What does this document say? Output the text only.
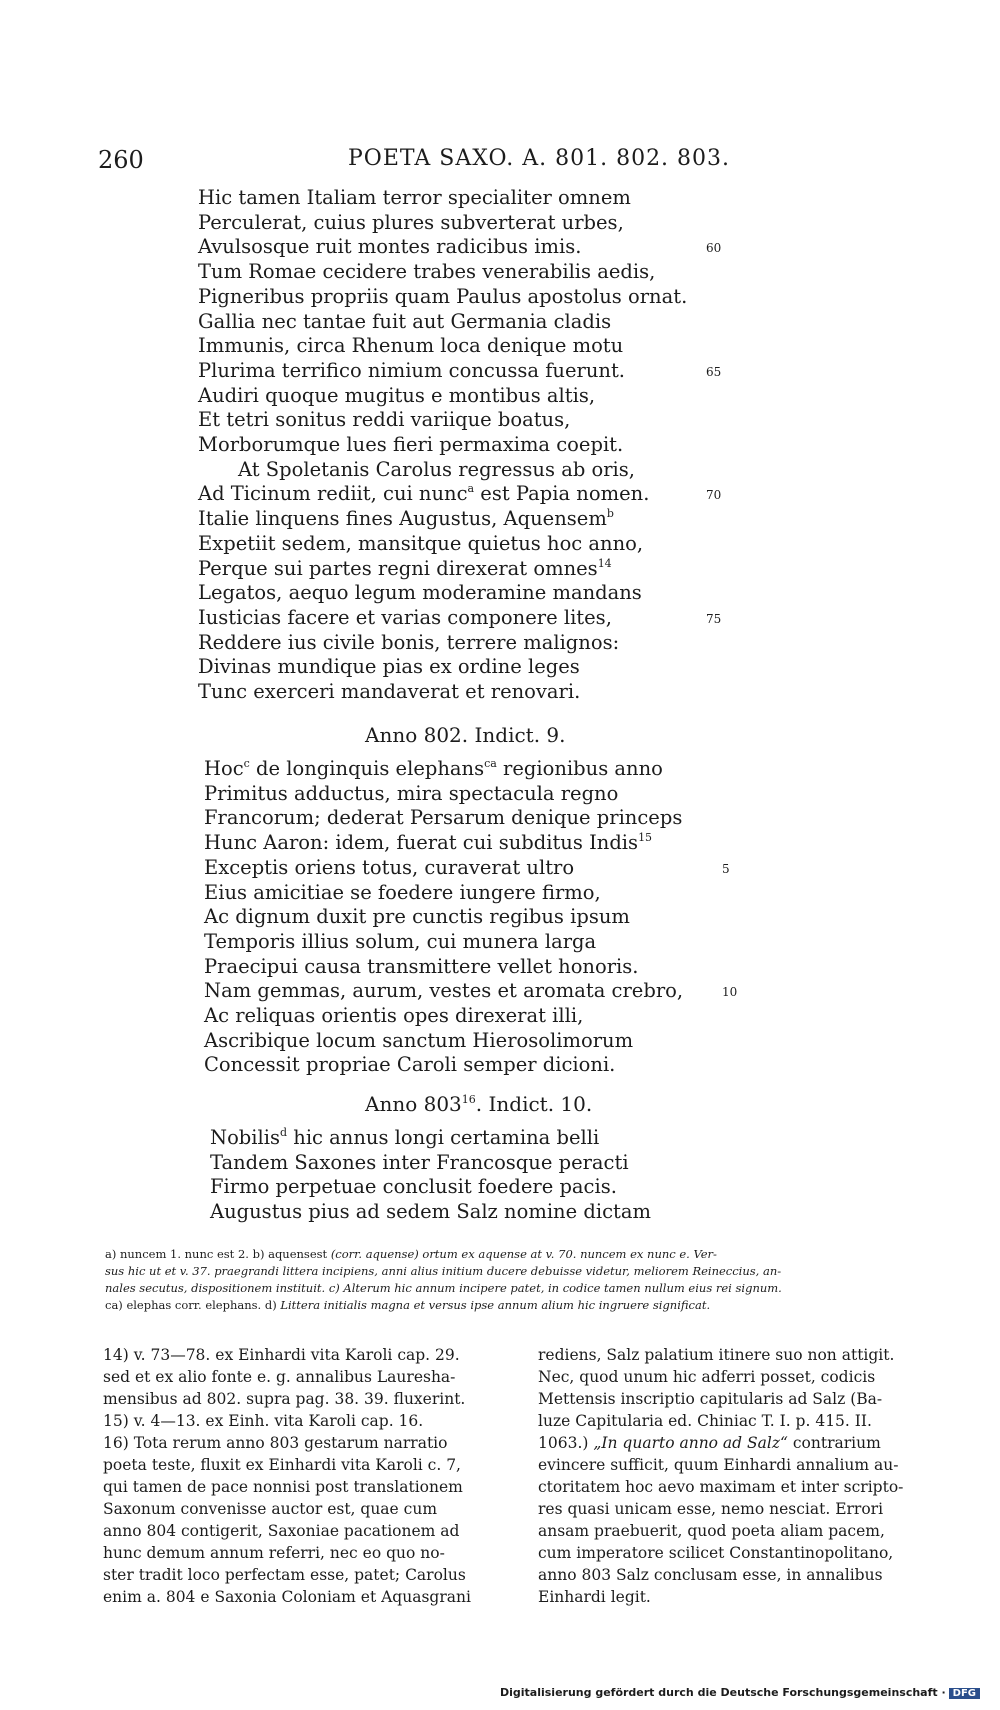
260	POETA SAXO. A. 801. 802. 803.
Hic tamen Italiam terror specialiter omnem
Perculerat, cuius plures subverterat urbes,
Avulsosque ruit montes radicibus imis.	60
Tum Romae cecidere trabes venerabilis aedis,
Pigneribus propriis quam Paulus apostolus ornat.
Gallia nec tantae fuit aut Germania cladis
Immunis, circa Rhenum loca denique motu
Plurima terrifico nimium concussa fuerunt.	65
Audiri quoque mugitus e montibus altis,
Et tetri sonitus reddi variique boatus,
Morborumque lues fieri permaxima coepit.
At Spoletanis Carolus regressus ab oris,
Ad Ticinum rediit, cui nunc$^a$ est Papia nomen.	70
Italie linquens fines Augustus, Aquensem$^b$
Expetiit sedem, mansitque quietus hoc anno,
Perque sui partes regni direxerat omnes$^{14}$
Legatos, aequo legum moderamine mandans
Iusticias facere et varias componere lites,	75
Reddere ius civile bonis, terrere malignos:
Divinas mundique pias ex ordine leges
Tunc exerceri mandaverat et renovari.
Anno 802. Indict. 9.
Hoc$^c$ de longinquis elephans$^{ca}$ regionibus anno
Primitus adductus, mira spectacula regno
Francorum; dederat Persarum denique princeps
Hunc Aaron: idem, fuerat cui subditus Indis$^{15}$
Exceptis oriens totus, curaverat ultro	5
Eius amicitiae se foedere iungere firmo,
Ac dignum duxit pre cunctis regibus ipsum
Temporis illius solum, cui munera larga
Praecipui causa transmittere vellet honoris.
Nam gemmas, aurum, vestes et aromata crebro,	10
Ac reliquas orientis opes direxerat illi,
Ascribique locum sanctum Hierosolimorum
Concessit propriae Caroli semper dicioni.
Anno $803^{16}$. Indict. 10.
Nobilis$^d$ hic annus longi certamina belli
Tandem Saxones inter Francosque peracti
Firmo perpetuae conclusit foedere pacis.
Augustus pius ad sedem Salz nomine dictam

a) nuncem 1. nunc est 2. b) aquensest (corr. aquense) ortum ex aquense at v. 70. nuncem ex nunc e. Ver-

sus hic ut et v. 37. praegrandi littera incipiens, anni alius initium ducere debuisse videtur, meliorem Reineccius, an-

nales secutus, dispositionem instituit. c) Alterum hic annum incipere patet, in codice tamen nullum eius rei signum.

ca) elephas corr. elephans. d) Littera initialis magna et versus ipse annum alium hic ingruere significat.

14) v. 73—78. ex Einhardi vita Karoli cap. 29.

sed et ex alio fonte e. g. annalibus Lauresha-

mensibus ad 802. supra pag. 38. 39. fluxerint.

15) v. 4—13. ex Einh. vita Karoli cap. 16.

16) Tota rerum anno 803 gestarum narratio

poeta teste, fluxit ex Einhardi vita Karoli c. 7,

qui tamen de pace nonnisi post translationem

Saxonum convenisse auctor est, quae cum

anno 804 contigerit, Saxoniae pacationem ad

hunc demum annum referri, nec eo quo no-

ster tradit loco perfectam esse, patet; Carolus

enim a. 804 e Saxonia Coloniam et Aquasgrani

rediens, Salz palatium itinere suo non attigit.

Nec, quod unum hic adferri posset, codicis

Mettensis inscriptio capitularis ad Salz (Ba-

luze Capitularia ed. Chiniac T. I. p. 415. II.

1063.) „In quarto anno ad Salz“ contrarium

evincere sufficit, quum Einhardi annalium au-

ctoritatem hoc aevo maximam et inter scripto-

res quasi unicam esse, nemo nesciat. Errori

ansam praebuerit, quod poeta aliam pacem,

cum imperatore scilicet Constantinopolitano,

anno 803 Salz conclusam esse, in annalibus

Einhardi legit.

Digitalisierung gefördert durch die Deutsche Forschungsgemeinschaft · DFG
